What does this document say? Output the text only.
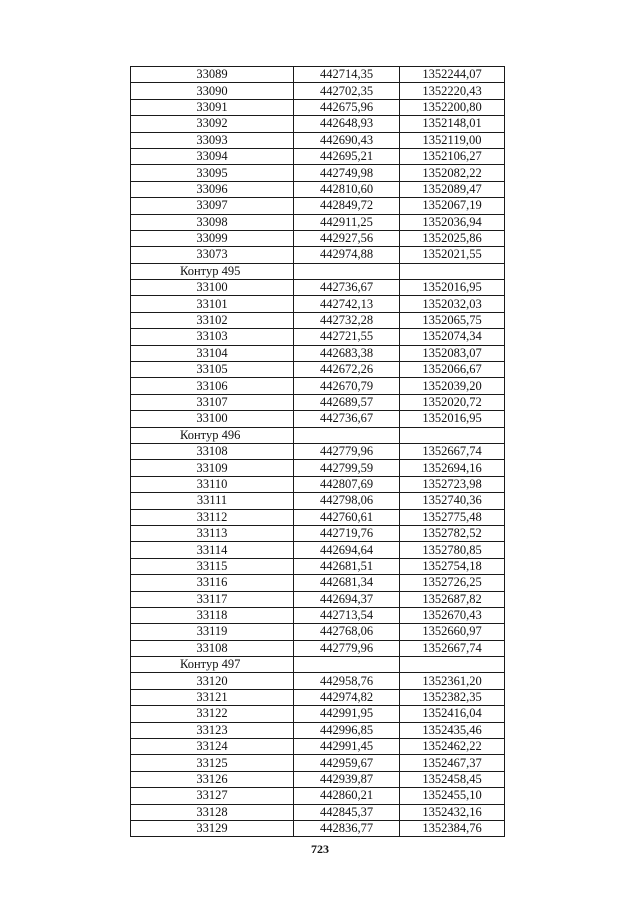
33089	442714,35	1352244,07
33090	442702,35	1352220,43
33091	442675,96	1352200,80
33092	442648,93	1352148,01
33093	442690,43	1352119,00
33094	442695,21	1352106,27
33095	442749,98	1352082,22
33096	442810,60	1352089,47
33097	442849,72	1352067,19
33098	442911,25	1352036,94
33099	442927,56	1352025,86
33073	442974,88	1352021,55
Контур 495		
33100	442736,67	1352016,95
33101	442742,13	1352032,03
33102	442732,28	1352065,75
33103	442721,55	1352074,34
33104	442683,38	1352083,07
33105	442672,26	1352066,67
33106	442670,79	1352039,20
33107	442689,57	1352020,72
33100	442736,67	1352016,95
Контур 496		
33108	442779,96	1352667,74
33109	442799,59	1352694,16
33110	442807,69	1352723,98
33111	442798,06	1352740,36
33112	442760,61	1352775,48
33113	442719,76	1352782,52
33114	442694,64	1352780,85
33115	442681,51	1352754,18
33116	442681,34	1352726,25
33117	442694,37	1352687,82
33118	442713,54	1352670,43
33119	442768,06	1352660,97
33108	442779,96	1352667,74
Контур 497		
33120	442958,76	1352361,20
33121	442974,82	1352382,35
33122	442991,95	1352416,04
33123	442996,85	1352435,46
33124	442991,45	1352462,22
33125	442959,67	1352467,37
33126	442939,87	1352458,45
33127	442860,21	1352455,10
33128	442845,37	1352432,16
33129	442836,77	1352384,76
723
